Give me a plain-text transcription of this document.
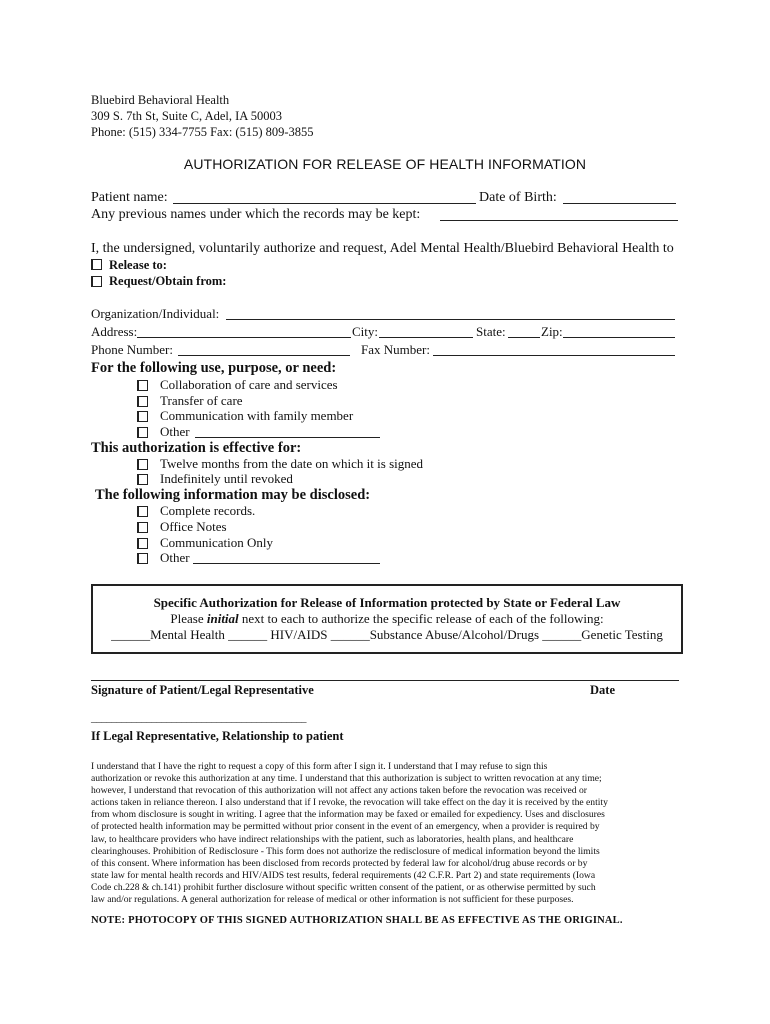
Bluebird Behavioral Health
309 S. 7th St, Suite C, Adel, IA 50003
Phone: (515) 334-7755 Fax: (515) 809-3855
AUTHORIZATION FOR RELEASE OF HEALTH INFORMATION
Patient name:	Date of Birth:
Any previous names under which the records may be kept:
I, the undersigned, voluntarily authorize and request, Adel Mental Health/Bluebird Behavioral Health to
Release to:
Request/Obtain from:
Organization/Individual:
Address:	City:	State:	Zip:
Phone Number:	Fax Number:
For the following use, purpose, or need:
Collaboration of care and services
Transfer of care
Communication with family member
Other
This authorization is effective for:
Twelve months from the date on which it is signed
Indefinitely until revoked
The following information may be disclosed:
Complete records.
Office Notes
Communication Only
Other
Specific Authorization for Release of Information protected by State or Federal Law
Please initial next to each to authorize the specific release of each of the following:
______Mental Health ______ HIV/AIDS ______Substance Abuse/Alcohol/Drugs ______Genetic Testing
Signature of Patient/Legal Representative	Date
___________________________________________
If Legal Representative, Relationship to patient
I understand that I have the right to request a copy of this form after I sign it. I understand that I may refuse to sign this
authorization or revoke this authorization at any time. I understand that this authorization is subject to written revocation at any time;
however, I understand that revocation of this authorization will not affect any actions taken before the revocation was received or
actions taken in reliance thereon. I also understand that if I revoke, the revocation will take effect on the day it is received by the entity
from whom disclosure is sought in writing. I agree that the information may be faxed or emailed for expediency. Uses and disclosures
of protected health information may be permitted without prior consent in the event of an emergency, when a provider is required by
law, to healthcare providers who have indirect relationships with the patient, such as laboratories, health plans, and healthcare
clearinghouses. Prohibition of Redisclosure - This form does not authorize the redisclosure of medical information beyond the limits
of this consent. Where information has been disclosed from records protected by federal law for alcohol/drug abuse records or by
state law for mental health records and HIV/AIDS test results, federal requirements (42 C.F.R. Part 2) and state requirements (Iowa
Code ch.228 & ch.141) prohibit further disclosure without specific written consent of the patient, or as otherwise permitted by such
law and/or regulations. A general authorization for release of medical or other information is not sufficient for these purposes.
NOTE: PHOTOCOPY OF THIS SIGNED AUTHORIZATION SHALL BE AS EFFECTIVE AS THE ORIGINAL.
